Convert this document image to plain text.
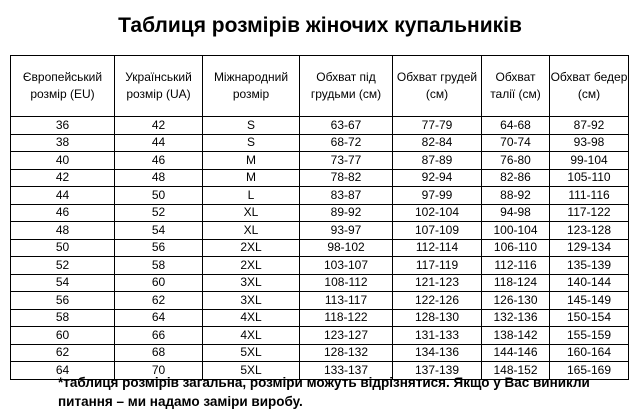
Таблиця розмірів жіночих купальників
Європейський розмір (EU)	Український розмір (UA)	Міжнародний розмір	Обхват під грудьми (см)	Обхват грудей (см)	Обхват талії (см)	Обхват бедер (см)
36	42	S	63-67	77-79	64-68	87-92
38	44	S	68-72	82-84	70-74	93-98
40	46	M	73-77	87-89	76-80	99-104
42	48	M	78-82	92-94	82-86	105-110
44	50	L	83-87	97-99	88-92	111-116
46	52	XL	89-92	102-104	94-98	117-122
48	54	XL	93-97	107-109	100-104	123-128
50	56	2XL	98-102	112-114	106-110	129-134
52	58	2XL	103-107	117-119	112-116	135-139
54	60	3XL	108-112	121-123	118-124	140-144
56	62	3XL	113-117	122-126	126-130	145-149
58	64	4XL	118-122	128-130	132-136	150-154
60	66	4XL	123-127	131-133	138-142	155-159
62	68	5XL	128-132	134-136	144-146	160-164
64	70	5XL	133-137	137-139	148-152	165-169

*таблиця розмірів загальна, розміри можуть відрізнятися. Якщо у Вас виникли питання – ми надамо заміри виробу.
